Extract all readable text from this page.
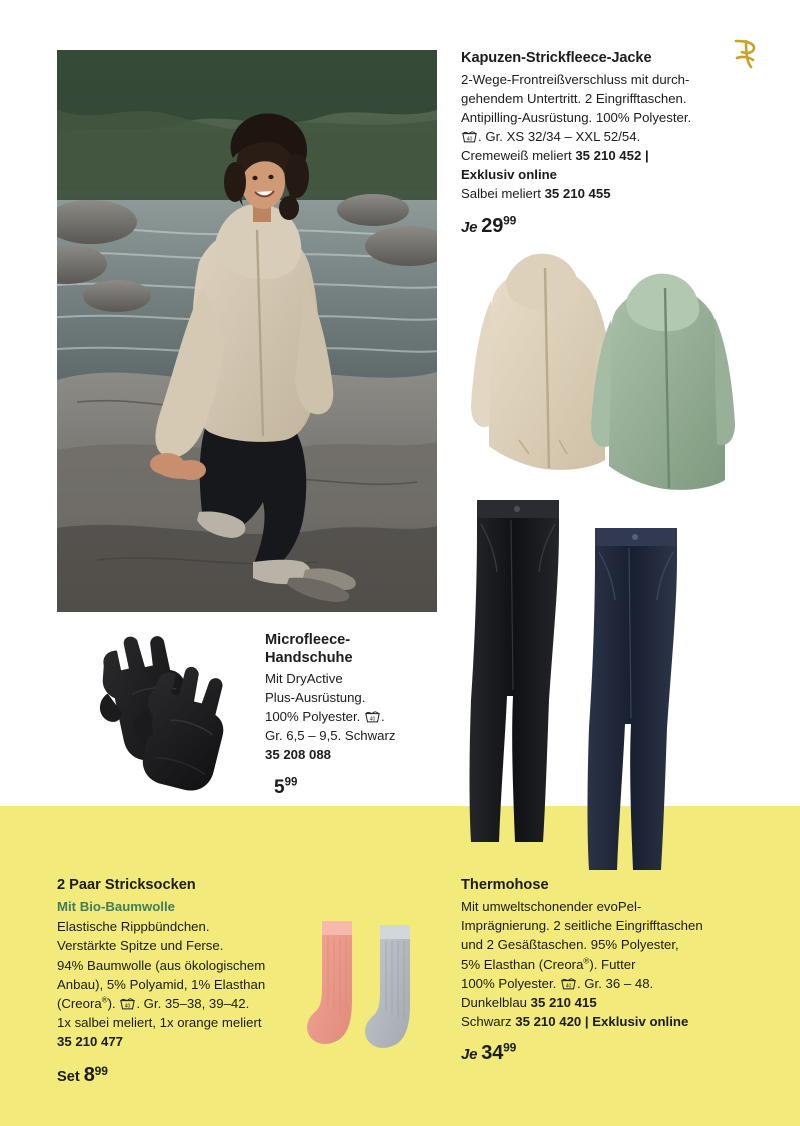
Kapuzen-Strickfleece-Jacke

2-Wege-Frontreißverschluss mit durch-

gehendem Untertritt. 2 Eingrifftaschen.

Antipilling-Ausrüstung. 100% Polyester.

40 . Gr. XS 32/34 – XXL 52/54.

Cremeweiß meliert 35 210 452 |

Exklusiv online

Salbei meliert 35 210 455

Je $29^{99}$
Microfleece-
Handschuhe

Mit DryActive

Plus-Ausrüstung.

100% Polyester. 40 .

Gr. 6,5 – 9,5. Schwarz

35 208 088

$5^{99}$
2 Paar Stricksocken

Mit Bio-Baumwolle

Elastische Rippbündchen.

Verstärkte Spitze und Ferse.

94% Baumwolle (aus ökologischem

Anbau), 5% Polyamid, 1% Elasthan

(Creora®). 40 . Gr. 35–38, 39–42.

1x salbei meliert, 1x orange meliert

35 210 477

Set $8^{99}$
Thermohose

Mit umweltschonender evoPel-

Imprägnierung. 2 seitliche Eingrifftaschen

und 2 Gesäßtaschen. 95% Polyester,

5% Elasthan (Creora®). Futter

100% Polyester. 40 . Gr. 36 – 48.

Dunkelblau 35 210 415

Schwarz 35 210 420 | Exklusiv online

Je $34^{99}$
